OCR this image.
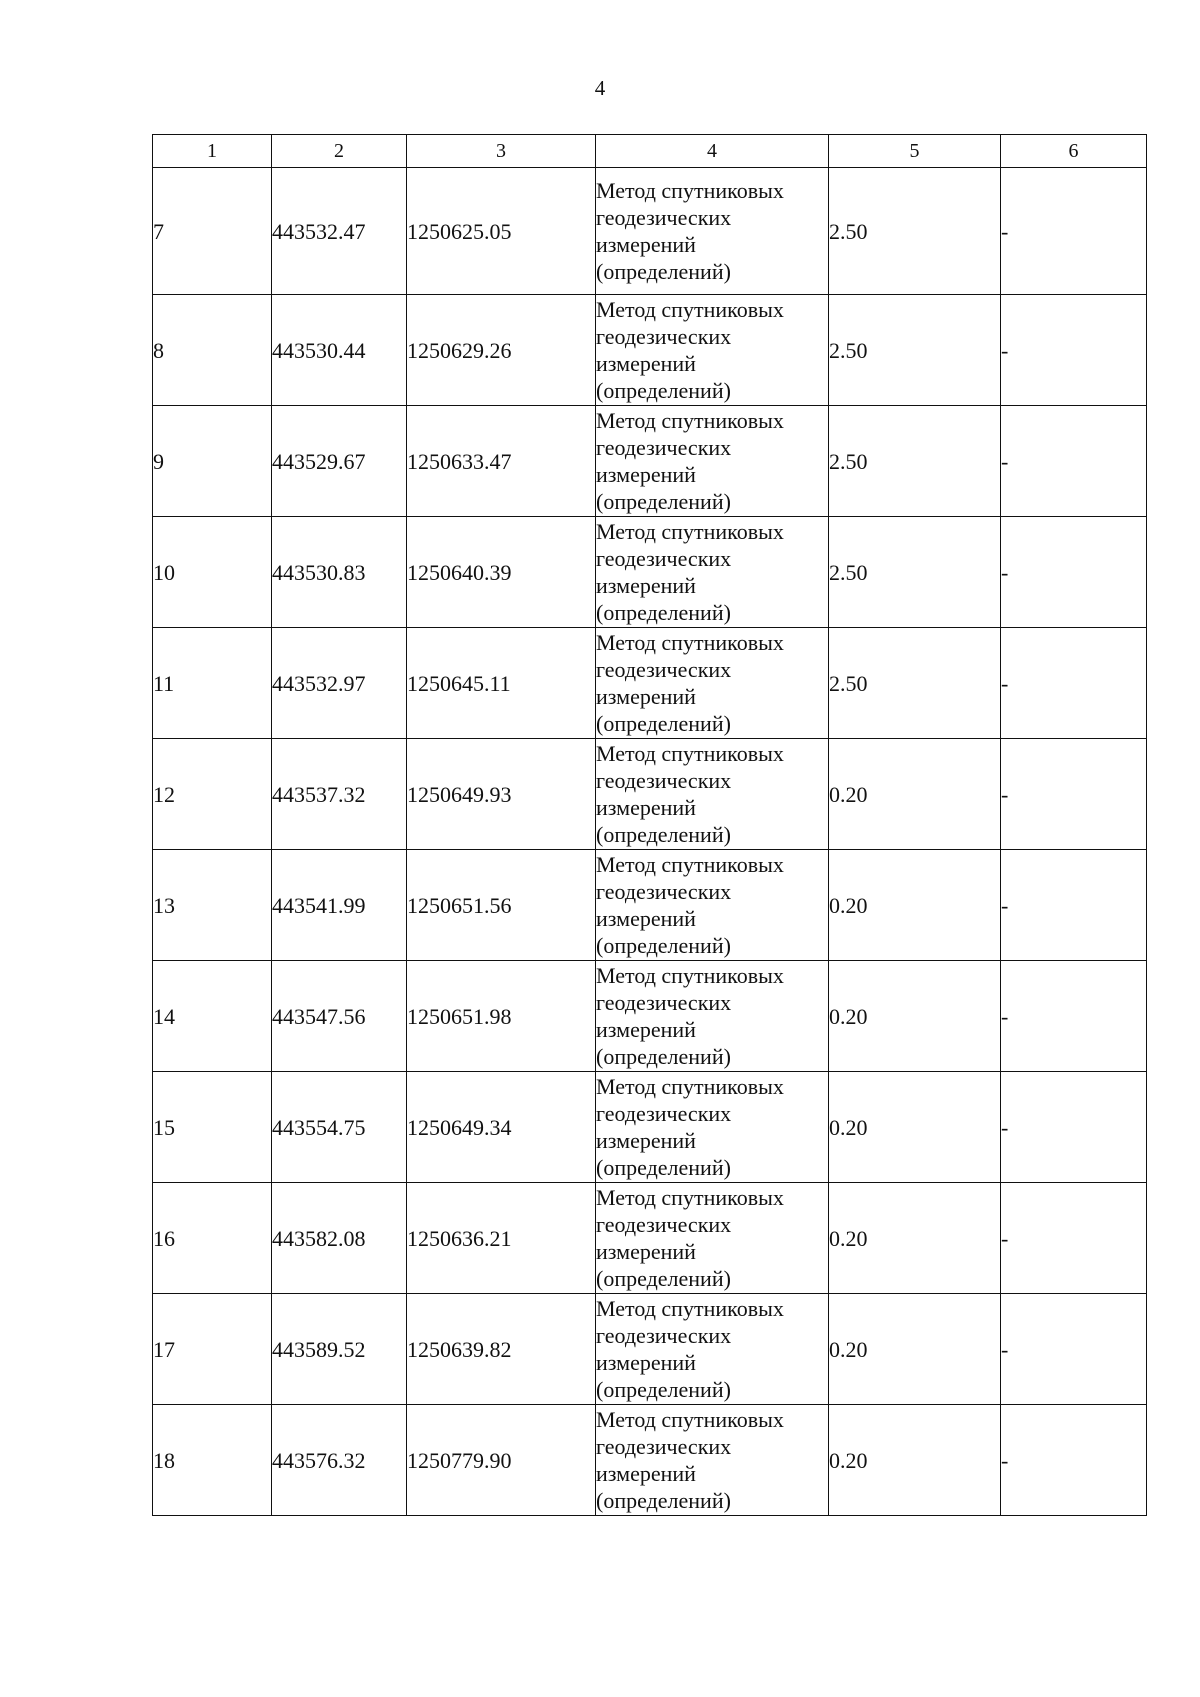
4
1	2	3	4	5	6
7	443532.47	1250625.05	Метод спутниковых
геодезических
измерений
(определений)	2.50	-
8	443530.44	1250629.26	Метод спутниковых
геодезических
измерений
(определений)	2.50	-
9	443529.67	1250633.47	Метод спутниковых
геодезических
измерений
(определений)	2.50	-
10	443530.83	1250640.39	Метод спутниковых
геодезических
измерений
(определений)	2.50	-
11	443532.97	1250645.11	Метод спутниковых
геодезических
измерений
(определений)	2.50	-
12	443537.32	1250649.93	Метод спутниковых
геодезических
измерений
(определений)	0.20	-
13	443541.99	1250651.56	Метод спутниковых
геодезических
измерений
(определений)	0.20	-
14	443547.56	1250651.98	Метод спутниковых
геодезических
измерений
(определений)	0.20	-
15	443554.75	1250649.34	Метод спутниковых
геодезических
измерений
(определений)	0.20	-
16	443582.08	1250636.21	Метод спутниковых
геодезических
измерений
(определений)	0.20	-
17	443589.52	1250639.82	Метод спутниковых
геодезических
измерений
(определений)	0.20	-
18	443576.32	1250779.90	Метод спутниковых
геодезических
измерений
(определений)	0.20	-
